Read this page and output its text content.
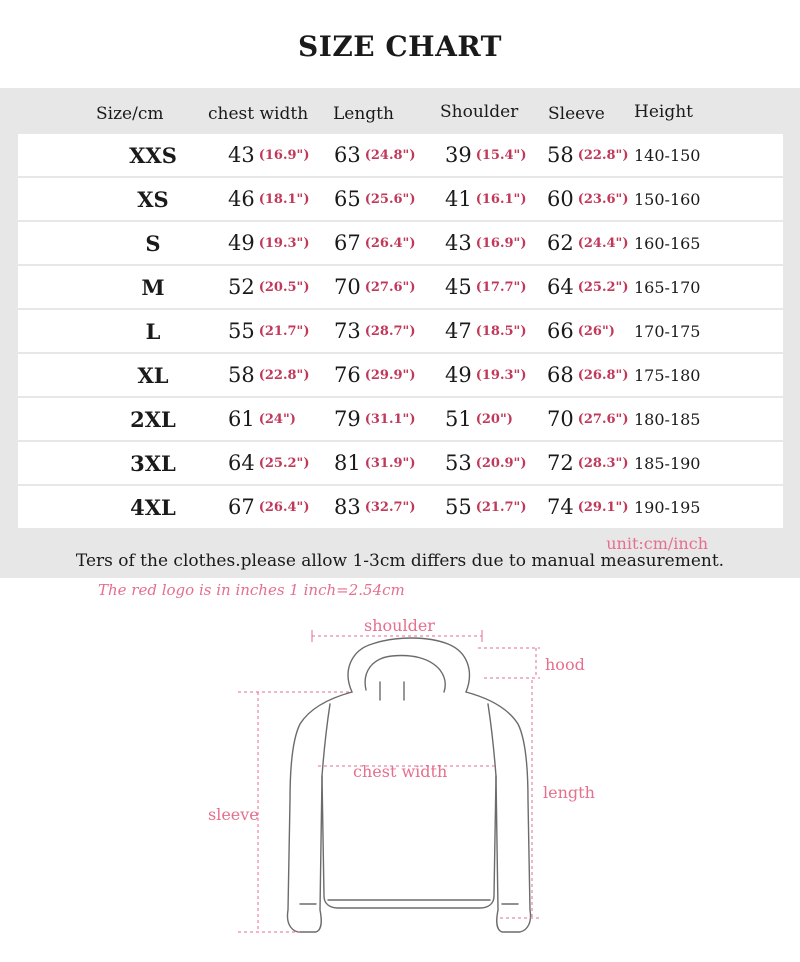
SIZE CHART
Size/cm	chest width Length	Shoulder Sleeve Height
XXS 43 (16.9") 63 (24.8") 39 (15.4") 58 (22.8") 140-150
XS	46 (18.1") 65 (25.6") 41 (16.1") 60 (23.6") 150-160
S	49 (19.3") 67 (26.4") 43 (16.9") 62 (24.4") 160-165
M	52 (20.5") 70 (27.6") 45 (17.7") 64 (25.2") 165-170
L	55 (21.7") 73 (28.7") 47 (18.5") 66 (26") 170-175
XL	58 (22.8") 76 (29.9") 49 (19.3") 68 (26.8") 175-180
2XL 61 (24") 79 (31.1") 51 (20") 70 (27.6") 180-185
3XL 64 (25.2") 81 (31.9") 53 (20.9") 72 (28.3") 185-190
4XL 67 (26.4") 83 (32.7") 55 (21.7") 74 (29.1") 190-195
unit:cm/inch
Ters of the clothes.please allow 1-3cm differs due to manual measurement.
The red logo is in inches 1 inch=2.54cm
shoulder
hood
chest width
length
sleeve
